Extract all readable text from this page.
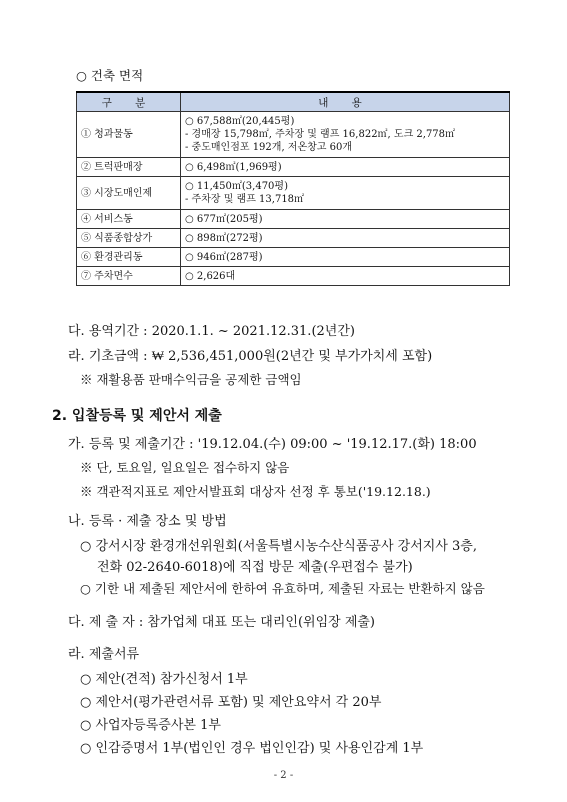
○ 건축 면적
구 분	내 용
① 청과물동	○ 67,588㎡(20,445평)
- 경매장 15,798㎡, 주차장 및 램프 16,822㎡, 도크 2,778㎡
- 중도매인점포 192개, 저온창고 60개

② 트럭판매장	○ 6,498㎡(1,969평)

③ 시장도매인제	○ 11,450㎡(3,470평)
- 주차장 및 램프 13,718㎡

④ 서비스동	○ 677㎡(205평)

⑤ 식품종합상가	○ 898㎡(272평)

⑥ 환경관리동	○ 946㎡(287평)

⑦ 주차면수	○ 2,626대
다. 용역기간 : 2020.1.1. ~ 2021.12.31.(2년간)
라. 기초금액 : ₩ 2,536,451,000원(2년간 및 부가가치세 포함)
※ 재활용품 판매수익금을 공제한 금액임
2. 입찰등록 및 제안서 제출
가. 등록 및 제출기간 : '19.12.04.(수) 09:00 ~ '19.12.17.(화) 18:00
※ 단, 토요일, 일요일은 접수하지 않음
※ 객관적지표로 제안서발표회 대상자 선정 후 통보('19.12.18.)
나. 등록 · 제출 장소 및 방법
○ 강서시장 환경개선위원회(서울특별시농수산식품공사 강서지사 3층,
전화 02-2640-6018)에 직접 방문 제출(우편접수 불가)
○ 기한 내 제출된 제안서에 한하여 유효하며, 제출된 자료는 반환하지 않음
다. 제 출 자 : 참가업체 대표 또는 대리인(위임장 제출)
라. 제출서류
○ 제안(견적) 참가신청서 1부
○ 제안서(평가관련서류 포함) 및 제안요약서 각 20부
○ 사업자등록증사본 1부
○ 인감증명서 1부(법인인 경우 법인인감) 및 사용인감계 1부
- 2 -
